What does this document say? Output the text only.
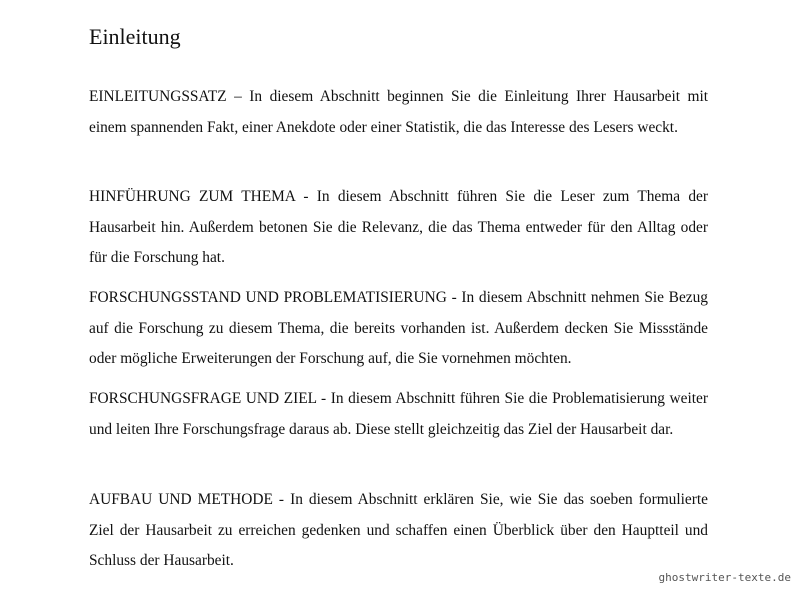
Einleitung

EINLEITUNGSSATZ – In diesem Abschnitt beginnen Sie die Einleitung Ihrer Hausarbeit mit einem spannenden Fakt, einer Anekdote oder einer Statistik, die das Interesse des Lesers weckt.

HINFÜHRUNG ZUM THEMA - In diesem Abschnitt führen Sie die Leser zum Thema der Hausarbeit hin. Außerdem betonen Sie die Relevanz, die das Thema entweder für den Alltag oder für die Forschung hat.

FORSCHUNGSSTAND UND PROBLEMATISIERUNG - In diesem Abschnitt nehmen Sie Bezug auf die Forschung zu diesem Thema, die bereits vorhanden ist. Außerdem decken Sie Missstände oder mögliche Erweiterungen der Forschung auf, die Sie vornehmen möchten.

FORSCHUNGSFRAGE UND ZIEL - In diesem Abschnitt führen Sie die Problematisierung weiter und leiten Ihre Forschungsfrage daraus ab. Diese stellt gleichzeitig das Ziel der Hausarbeit dar.

AUFBAU UND METHODE - In diesem Abschnitt erklären Sie, wie Sie das soeben formulierte Ziel der Hausarbeit zu erreichen gedenken und schaffen einen Überblick über den Hauptteil und Schluss der Hausarbeit.

ghostwriter-texte.de
